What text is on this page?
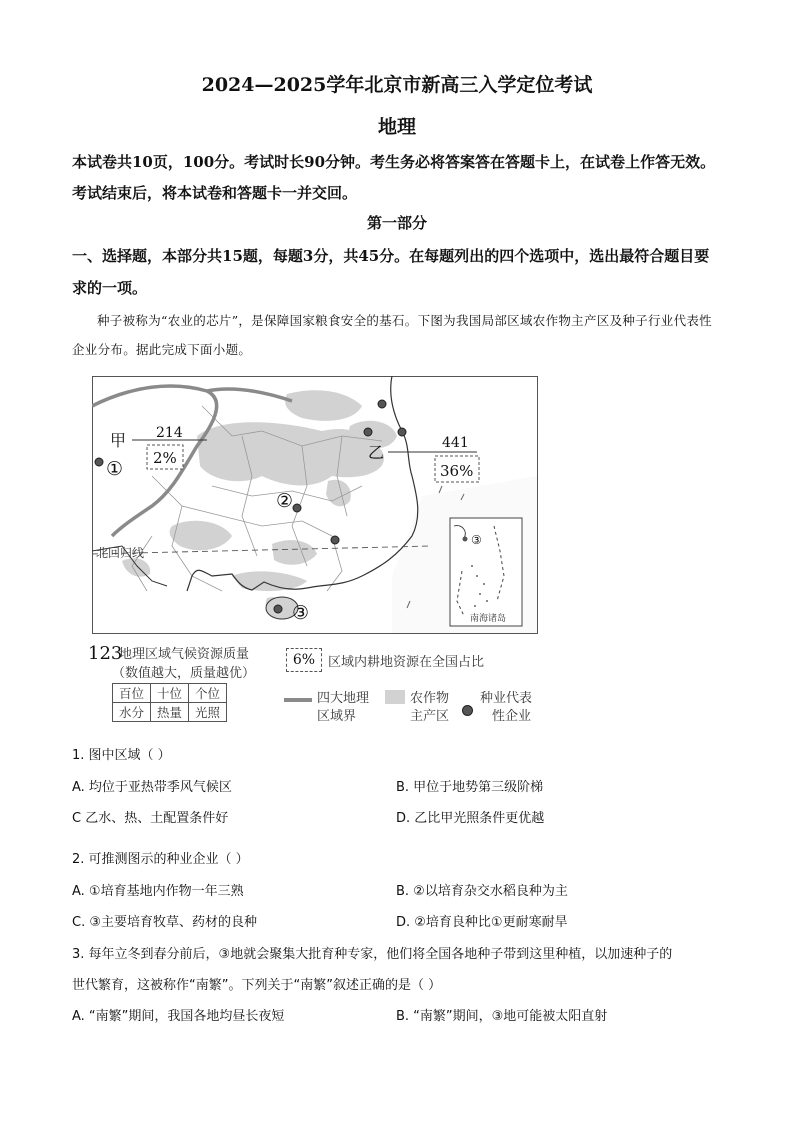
2024—2025学年北京市新高三入学定位考试
地理
本试卷共10页，100分。考试时长90分钟。考生务必将答案答在答题卡上，在试卷上作答无效。考试结束后，将本试卷和答题卡一并交回。
第一部分
一、选择题，本部分共15题，每题3分，共45分。在每题列出的四个选项中，选出最符合题目要求的一项。
种子被称为“农业的芯片”，是保障国家粮食安全的基石。下图为我国局部区域农作物主产区及种子行业代表性企业分布。据此完成下面小题。
北回归线
甲 214
2%	乙	441
36%
①
②
③
③
南海诸岛
123
地理区域气候资源质量
（数值越大，质量越优）
6% 区域内耕地资源在全国占比
百位	十位	个位
水分	热量	光照
四大地理
区域界
农作物
主产区
种业代表
性企业
1. 图中区域（ ）
A. 均位于亚热带季风气候区	B. 甲位于地势第三级阶梯
C 乙水、热、土配置条件好	D. 乙比甲光照条件更优越
2. 可推测图示的种业企业（ ）
A. ①培育基地内作物一年三熟	B. ②以培育杂交水稻良种为主
C. ③主要培育牧草、药材的良种	D. ②培育良种比①更耐寒耐旱
3. 每年立冬到春分前后，③地就会聚集大批育种专家，他们将全国各地种子带到这里种植，以加速种子的
世代繁育，这被称作“南繁”。下列关于“南繁”叙述正确的是（ ）
A. “南繁”期间，我国各地均昼长夜短	B. “南繁”期间，③地可能被太阳直射
